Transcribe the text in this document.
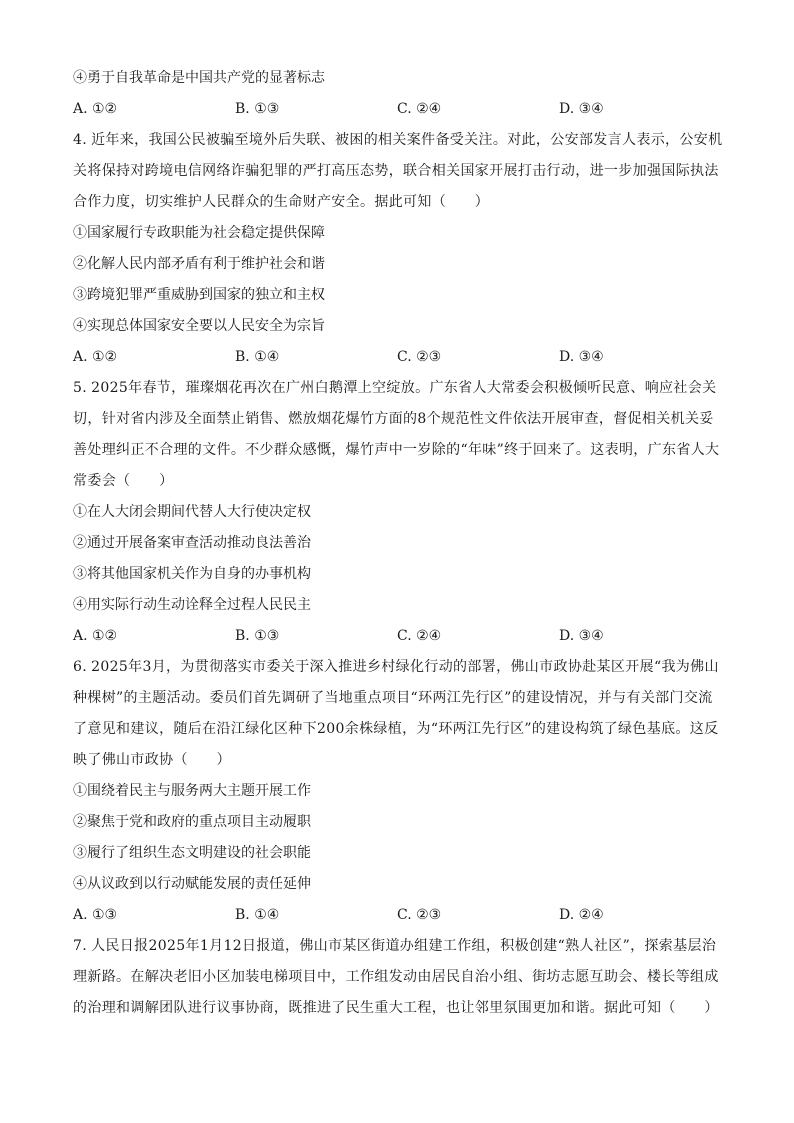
④勇于自我革命是中国共产党的显著标志
A. ①②	B. ①③	C. ②④	D. ③④
4. 近年来，我国公民被骗至境外后失联、被困的相关案件备受关注。对此，公安部发言人表示，公安机关将保持对跨境电信网络诈骗犯罪的严打高压态势，联合相关国家开展打击行动，进一步加强国际执法合作力度，切实维护人民群众的生命财产安全。据此可知（　　）
①国家履行专政职能为社会稳定提供保障
②化解人民内部矛盾有利于维护社会和谐
③跨境犯罪严重威胁到国家的独立和主权
④实现总体国家安全要以人民安全为宗旨
A. ①②	B. ①④	C. ②③	D. ③④
5. 2025年春节，璀璨烟花再次在广州白鹅潭上空绽放。广东省人大常委会积极倾听民意、响应社会关切，针对省内涉及全面禁止销售、燃放烟花爆竹方面的8个规范性文件依法开展审查，督促相关机关妥善处理纠正不合理的文件。不少群众感慨，爆竹声中一岁除的“年味”终于回来了。这表明，广东省人大常委会（　　）
①在人大闭会期间代替人大行使决定权
②通过开展备案审查活动推动良法善治
③将其他国家机关作为自身的办事机构
④用实际行动生动诠释全过程人民民主
A. ①②	B. ①③	C. ②④	D. ③④
6. 2025年3月，为贯彻落实市委关于深入推进乡村绿化行动的部署，佛山市政协赴某区开展“我为佛山种棵树”的主题活动。委员们首先调研了当地重点项目“环两江先行区”的建设情况，并与有关部门交流了意见和建议，随后在沿江绿化区种下200余株绿植，为“环两江先行区”的建设构筑了绿色基底。这反映了佛山市政协（　　）
①围绕着民主与服务两大主题开展工作
②聚焦于党和政府的重点项目主动履职
③履行了组织生态文明建设的社会职能
④从议政到以行动赋能发展的责任延伸
A. ①③	B. ①④	C. ②③	D. ②④
7. 人民日报2025年1月12日报道，佛山市某区街道办组建工作组，积极创建“熟人社区”，探索基层治理新路。在解决老旧小区加装电梯项目中，工作组发动由居民自治小组、街坊志愿互助会、楼长等组成的治理和调解团队进行议事协商，既推进了民生重大工程，也让邻里氛围更加和谐。据此可知（　　）
